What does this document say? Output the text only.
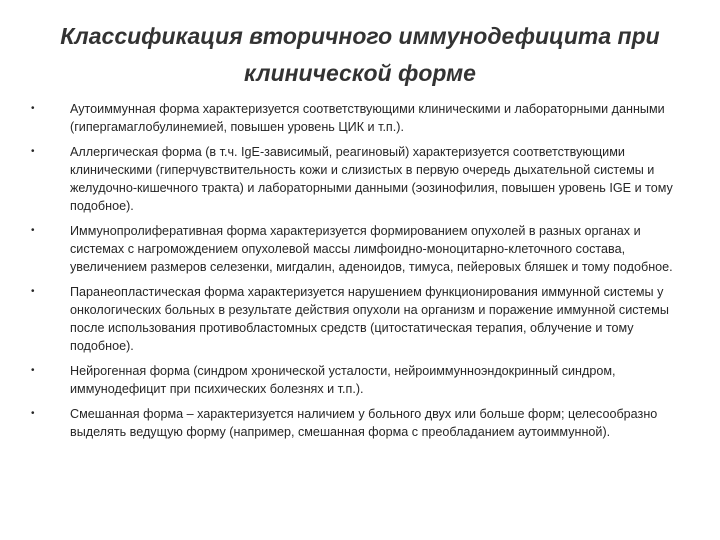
Классификация вторичного иммунодефицита при
клинической форме
•	Аутоиммунная форма характеризуется соответствующими клиническими и лабораторными данными (гипергамаглобулинемией, повышен уровень ЦИК и т.п.).
•	Аллергическая форма (в т.ч. IgE-зависимый, реагиновый) характеризуется соответствующими клиническими (гиперчувствительность кожи и слизистых в первую очередь дыхательной системы и желудочно-кишечного тракта) и лабораторными данными (эозинофилия, повышен уровень IGE и тому подобное).
•	Иммунопролиферативная форма характеризуется формированием опухолей в разных органах и системах с нагромождением опухолевой массы лимфоидно-моноцитарно-клеточного состава, увеличением размеров селезенки, мигдалин, аденоидов, тимуса, пейеровых бляшек и тому подобное.
•	Паранеопластическая форма характеризуется нарушением функционирования иммунной системы у онкологических больных в результате действия опухоли на организм и поражение иммунной системы после использования противобластомных средств (цитостатическая терапия, облучение и тому подобное).
•	Нейрогенная форма (синдром хронической усталости, нейроиммунноэндокринный синдром, иммунодефицит при психических болезнях и т.п.).
•	Смешанная форма – характеризуется наличием у больного двух или больше форм; целесообразно выделять ведущую форму (например, смешанная форма с преобладанием аутоиммунной).
